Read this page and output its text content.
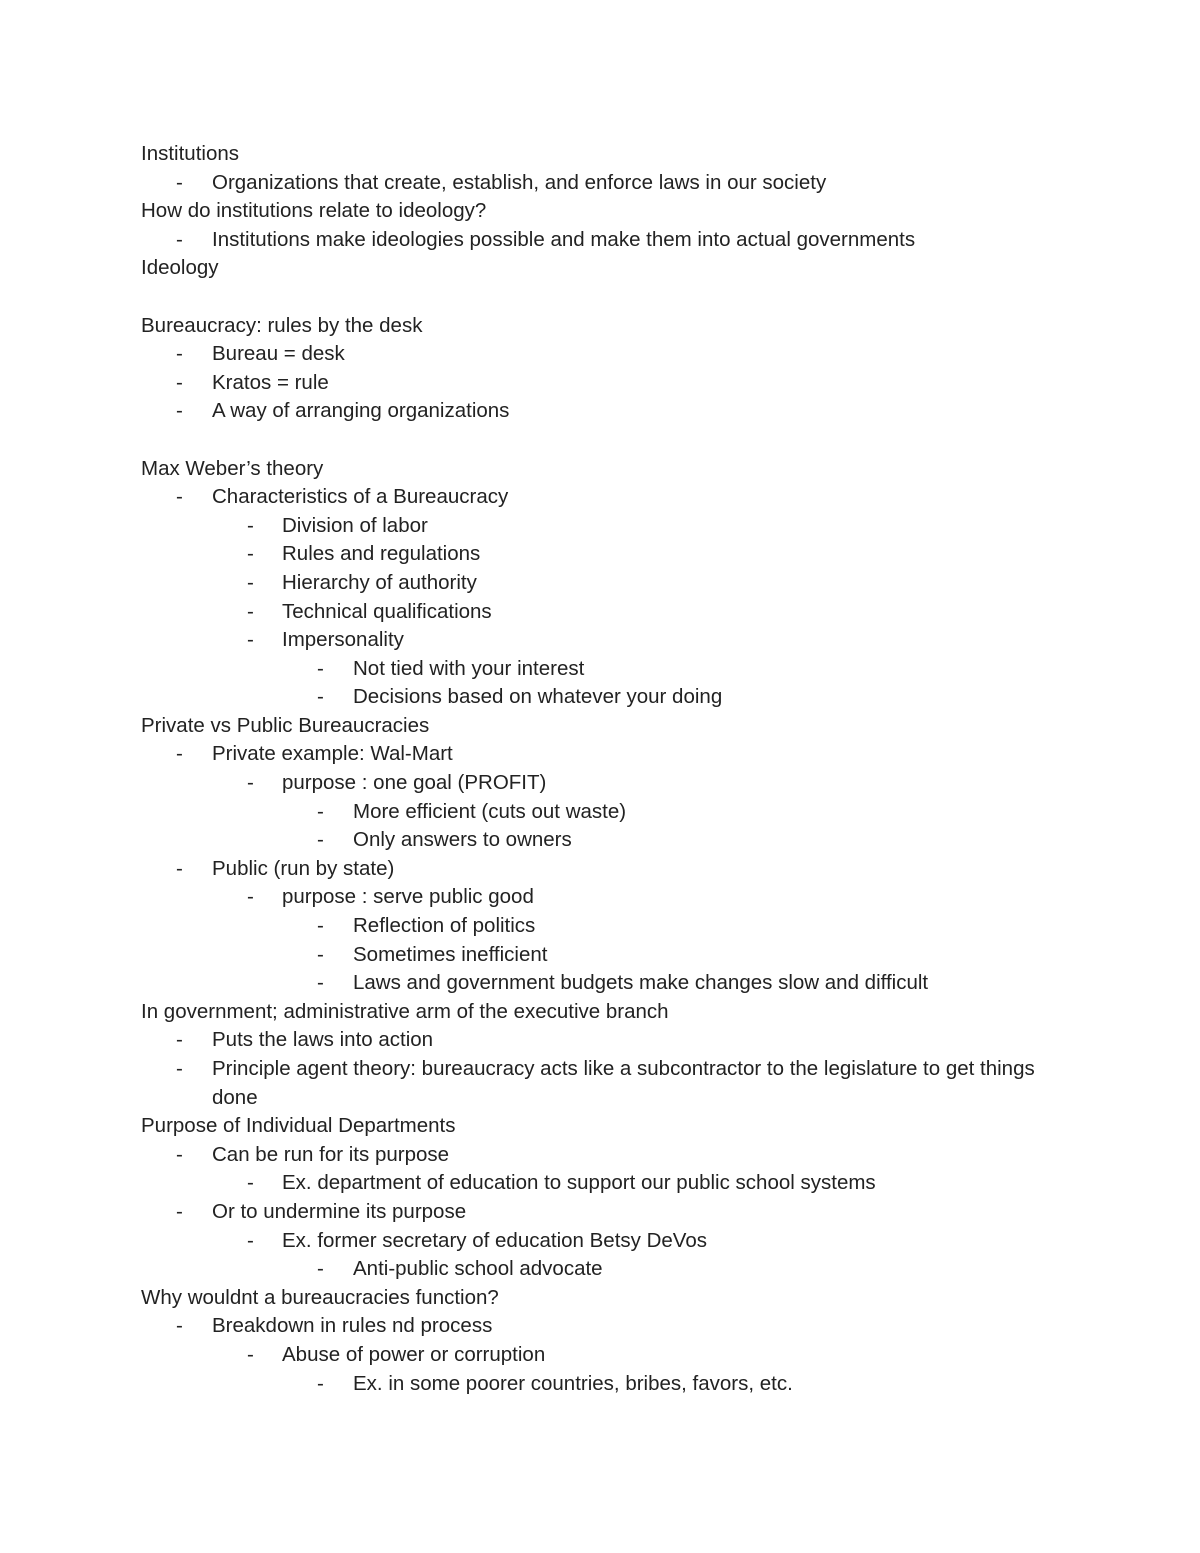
Institutions
- Organizations that create, establish, and enforce laws in our society
How do institutions relate to ideology?
- Institutions make ideologies possible and make them into actual governments
Ideology
Bureaucracy: rules by the desk
- Bureau = desk
- Kratos = rule
- A way of arranging organizations
Max Weber’s theory
- Characteristics of a Bureaucracy
- Division of labor
- Rules and regulations
- Hierarchy of authority
- Technical qualifications
- Impersonality
- Not tied with your interest
- Decisions based on whatever your doing
Private vs Public Bureaucracies
- Private example: Wal-Mart
- purpose : one goal (PROFIT)
- More efficient (cuts out waste)
- Only answers to owners
- Public (run by state)
- purpose : serve public good
- Reflection of politics
- Sometimes inefficient
- Laws and government budgets make changes slow and difficult
In government; administrative arm of the executive branch
- Puts the laws into action
- Principle agent theory: bureaucracy acts like a subcontractor to the legislature to get things done
Purpose of Individual Departments
- Can be run for its purpose
- Ex. department of education to support our public school systems
- Or to undermine its purpose
- Ex. former secretary of education Betsy DeVos
- Anti-public school advocate
Why wouldnt a bureaucracies function?
- Breakdown in rules nd process
- Abuse of power or corruption
- Ex. in some poorer countries, bribes, favors, etc.
